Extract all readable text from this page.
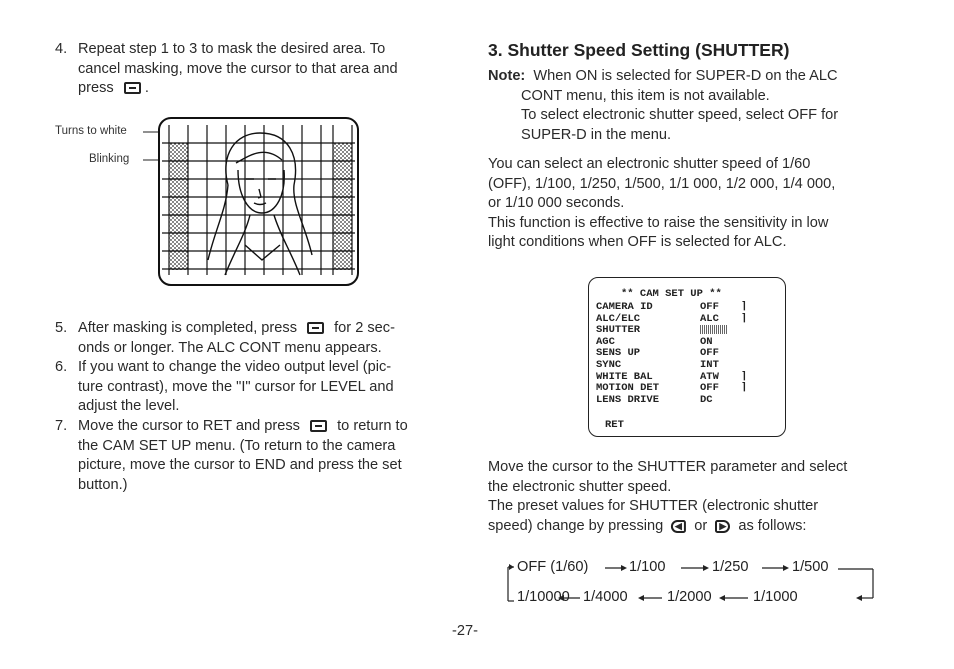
4. Repeat step 1 to 3 to mask the desired area. To
cancel masking, move the cursor to that area and
press .
Turns to white
Blinking
5. After masking is completed, press	for 2 sec-
onds or longer. The ALC CONT menu appears.
6. If you want to change the video output level (pic-
ture contrast), move the "I" cursor for LEVEL and
adjust the level.
7. Move the cursor to RET and press	to return to
the CAM SET UP menu. (To return to the camera
picture, move the cursor to END and press the set
button.)
3. Shutter Speed Setting (SHUTTER)
Note: When ON is selected for SUPER-D on the ALC
CONT menu, this item is not available.
To select electronic shutter speed, select OFF for
SUPER-D in the menu.
You can select an electronic shutter speed of 1/60
(OFF), 1/100, 1/250, 1/500, 1/1 000, 1/2 000, 1/4 000,
or 1/10 000 seconds.
This function is effective to raise the sensitivity in low
light conditions when OFF is selected for ALC.
** CAM SET UP **
CAMERA ID	OFF ⌉
ALC/ELC	ALC ⌉
SHUTTER
AGC	ON
SENS UP	OFF
SYNC	INT
WHITE BAL	ATW ⌉
MOTION DET	OFF ⌉
LENS DRIVE	DC
RET
Move the cursor to the SHUTTER parameter and select
the electronic shutter speed.
The preset values for SHUTTER (electronic shutter
speed) change by pressing ▶ or ▶ as follows:
OFF (1/60)	1/100	1/250	1/500
1/10000 1/4000	1/2000	1/1000
-27-
